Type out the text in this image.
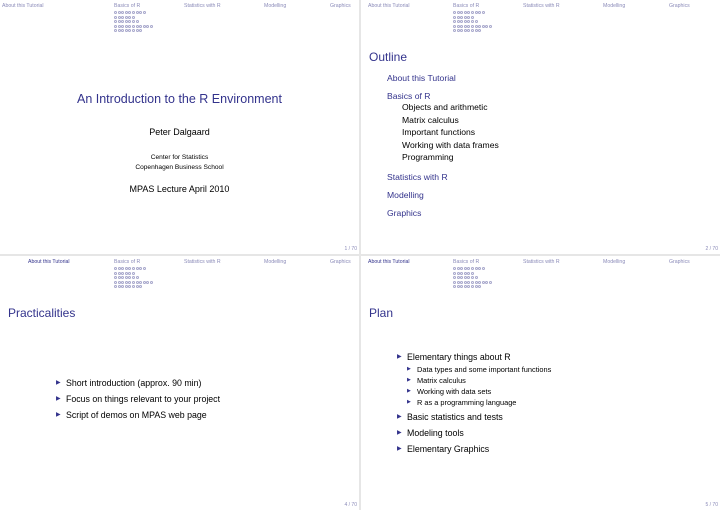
About this Tutorial	Basics of R	Statistics with R	Modelling	Graphics
An Introduction to the R Environment
Peter Dalgaard
Center for Statistics
Copenhagen Business School
MPAS Lecture April 2010
1 / 70
About this Tutorial	Basics of R	Statistics with R	Modelling	Graphics
Outline
About this Tutorial
Basics of R
Objects and arithmetic
Matrix calculus
Important functions
Working with data frames
Programming
Statistics with R
Modelling
Graphics
2 / 70
About this Tutorial	Basics of R	Statistics with R	Modelling	Graphics
Practicalities
▶ Short introduction (approx. 90 min)
▶ Focus on things relevant to your project
▶ Script of demos on MPAS web page
4 / 70
About this Tutorial	Basics of R	Statistics with R	Modelling	Graphics
Plan
▶ Elementary things about R
▶ Data types and some important functions
▶ Matrix calculus
▶ Working with data sets
▶ R as a programming language
▶ Basic statistics and tests
▶ Modeling tools
▶ Elementary Graphics
5 / 70
